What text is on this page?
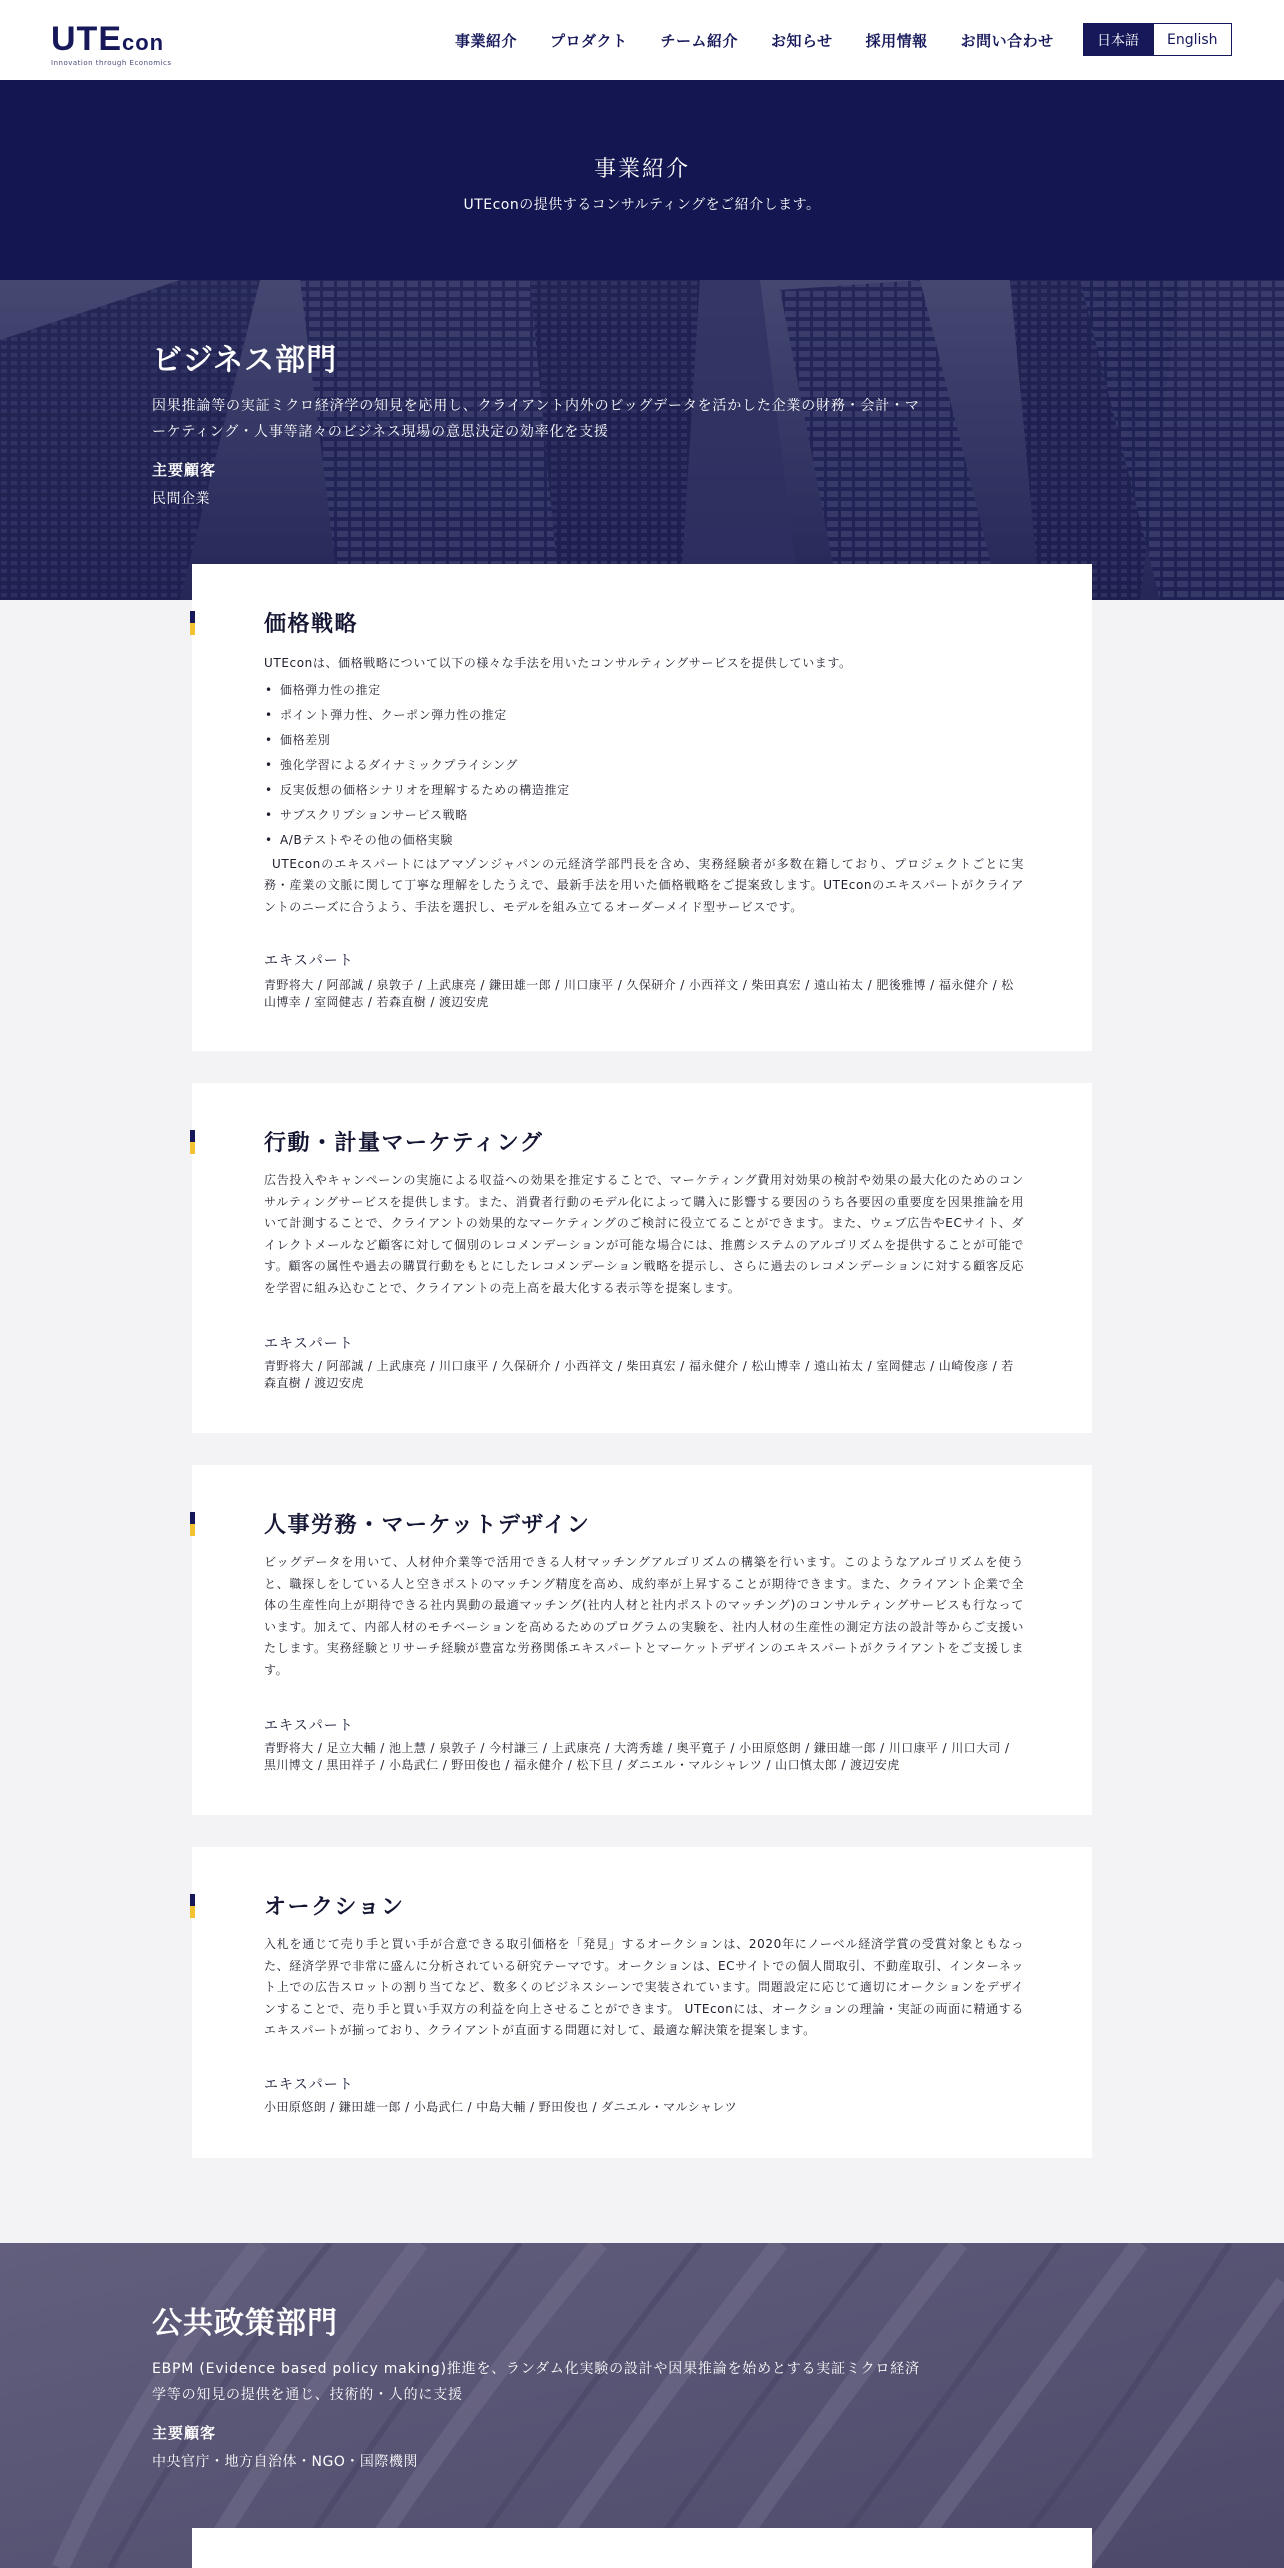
UTEcon
Innovation through Economics
事業紹介 プロダクト チーム紹介 お知らせ 採用情報 お問い合わせ	日本語	English
事業紹介
UTEconの提供するコンサルティングをご紹介します。
ビジネス部門
因果推論等の実証ミクロ経済学の知見を応用し、クライアント内外のビッグデータを活かした企業の財務・会計・マーケティング・人事等諸々のビジネス現場の意思決定の効率化を支援
主要顧客
民間企業
価格戦略
UTEconは、価格戦略について以下の様々な手法を用いたコンサルティングサービスを提供しています。
• 価格弾力性の推定
• ポイント弾力性、クーポン弾力性の推定
• 価格差別
• 強化学習によるダイナミックプライシング
• 反実仮想の価格シナリオを理解するための構造推定
• サブスクリプションサービス戦略
• A/Bテストやその他の価格実験
UTEconのエキスパートにはアマゾンジャパンの元経済学部門長を含め、実務経験者が多数在籍しており、プロジェクトごとに実務・産業の文脈に関して丁寧な理解をしたうえで、最新手法を用いた価格戦略をご提案致します。UTEconのエキスパートがクライアントのニーズに合うよう、手法を選択し、モデルを組み立てるオーダーメイド型サービスです。
エキスパート
青野将大 / 阿部誠 / 泉敦子 / 上武康亮 / 鎌田雄一郎 / 川口康平 / 久保研介 / 小西祥文 / 柴田真宏 / 遠山祐太 / 肥後雅博 / 福永健介 / 松山博幸 / 室岡健志 / 若森直樹 / 渡辺安虎
行動・計量マーケティング
広告投入やキャンペーンの実施による収益への効果を推定することで、マーケティング費用対効果の検討や効果の最大化のためのコンサルティングサービスを提供します。また、消費者行動のモデル化によって購入に影響する要因のうち各要因の重要度を因果推論を用いて計測することで、クライアントの効果的なマーケティングのご検討に役立てることができます。また、ウェブ広告やECサイト、ダイレクトメールなど顧客に対して個別のレコメンデーションが可能な場合には、推薦システムのアルゴリズムを提供することが可能です。顧客の属性や過去の購買行動をもとにしたレコメンデーション戦略を提示し、さらに過去のレコメンデーションに対する顧客反応を学習に組み込むことで、クライアントの売上高を最大化する表示等を提案します。
エキスパート
青野将大 / 阿部誠 / 上武康亮 / 川口康平 / 久保研介 / 小西祥文 / 柴田真宏 / 福永健介 / 松山博幸 / 遠山祐太 / 室岡健志 / 山崎俊彦 / 若森直樹 / 渡辺安虎
人事労務・マーケットデザイン
ビッグデータを用いて、人材仲介業等で活用できる人材マッチングアルゴリズムの構築を行います。このようなアルゴリズムを使うと、職探しをしている人と空きポストのマッチング精度を高め、成約率が上昇することが期待できます。また、クライアント企業で全体の生産性向上が期待できる社内異動の最適マッチング(社内人材と社内ポストのマッチング)のコンサルティングサービスも行なっています。加えて、内部人材のモチベーションを高めるためのプログラムの実験を、社内人材の生産性の測定方法の設計等からご支援いたします。実務経験とリサーチ経験が豊富な労務関係エキスパートとマーケットデザインのエキスパートがクライアントをご支援します。
エキスパート
青野将大 / 足立大輔 / 池上慧 / 泉敦子 / 今村謙三 / 上武康亮 / 大湾秀雄 / 奥平寛子 / 小田原悠朗 / 鎌田雄一郎 / 川口康平 / 川口大司 / 黒川博文 / 黒田祥子 / 小島武仁 / 野田俊也 / 福永健介 / 松下旦 / ダニエル・マルシャレツ / 山口慎太郎 / 渡辺安虎
オークション
入札を通じて売り手と買い手が合意できる取引価格を「発見」するオークションは、2020年にノーベル経済学賞の受賞対象ともなった、経済学界で非常に盛んに分析されている研究テーマです。オークションは、ECサイトでの個人間取引、不動産取引、インターネット上での広告スロットの割り当てなど、数多くのビジネスシーンで実装されています。問題設定に応じて適切にオークションをデザインすることで、売り手と買い手双方の利益を向上させることができます。 UTEconには、オークションの理論・実証の両面に精通するエキスパートが揃っており、クライアントが直面する問題に対して、最適な解決策を提案します。
エキスパート
小田原悠朗 / 鎌田雄一郎 / 小島武仁 / 中島大輔 / 野田俊也 / ダニエル・マルシャレツ
公共政策部門
EBPM (Evidence based policy making)推進を、ランダム化実験の設計や因果推論を始めとする実証ミクロ経済学等の知見の提供を通じ、技術的・人的に支援
主要顧客
中央官庁・地方自治体・NGO・国際機関
